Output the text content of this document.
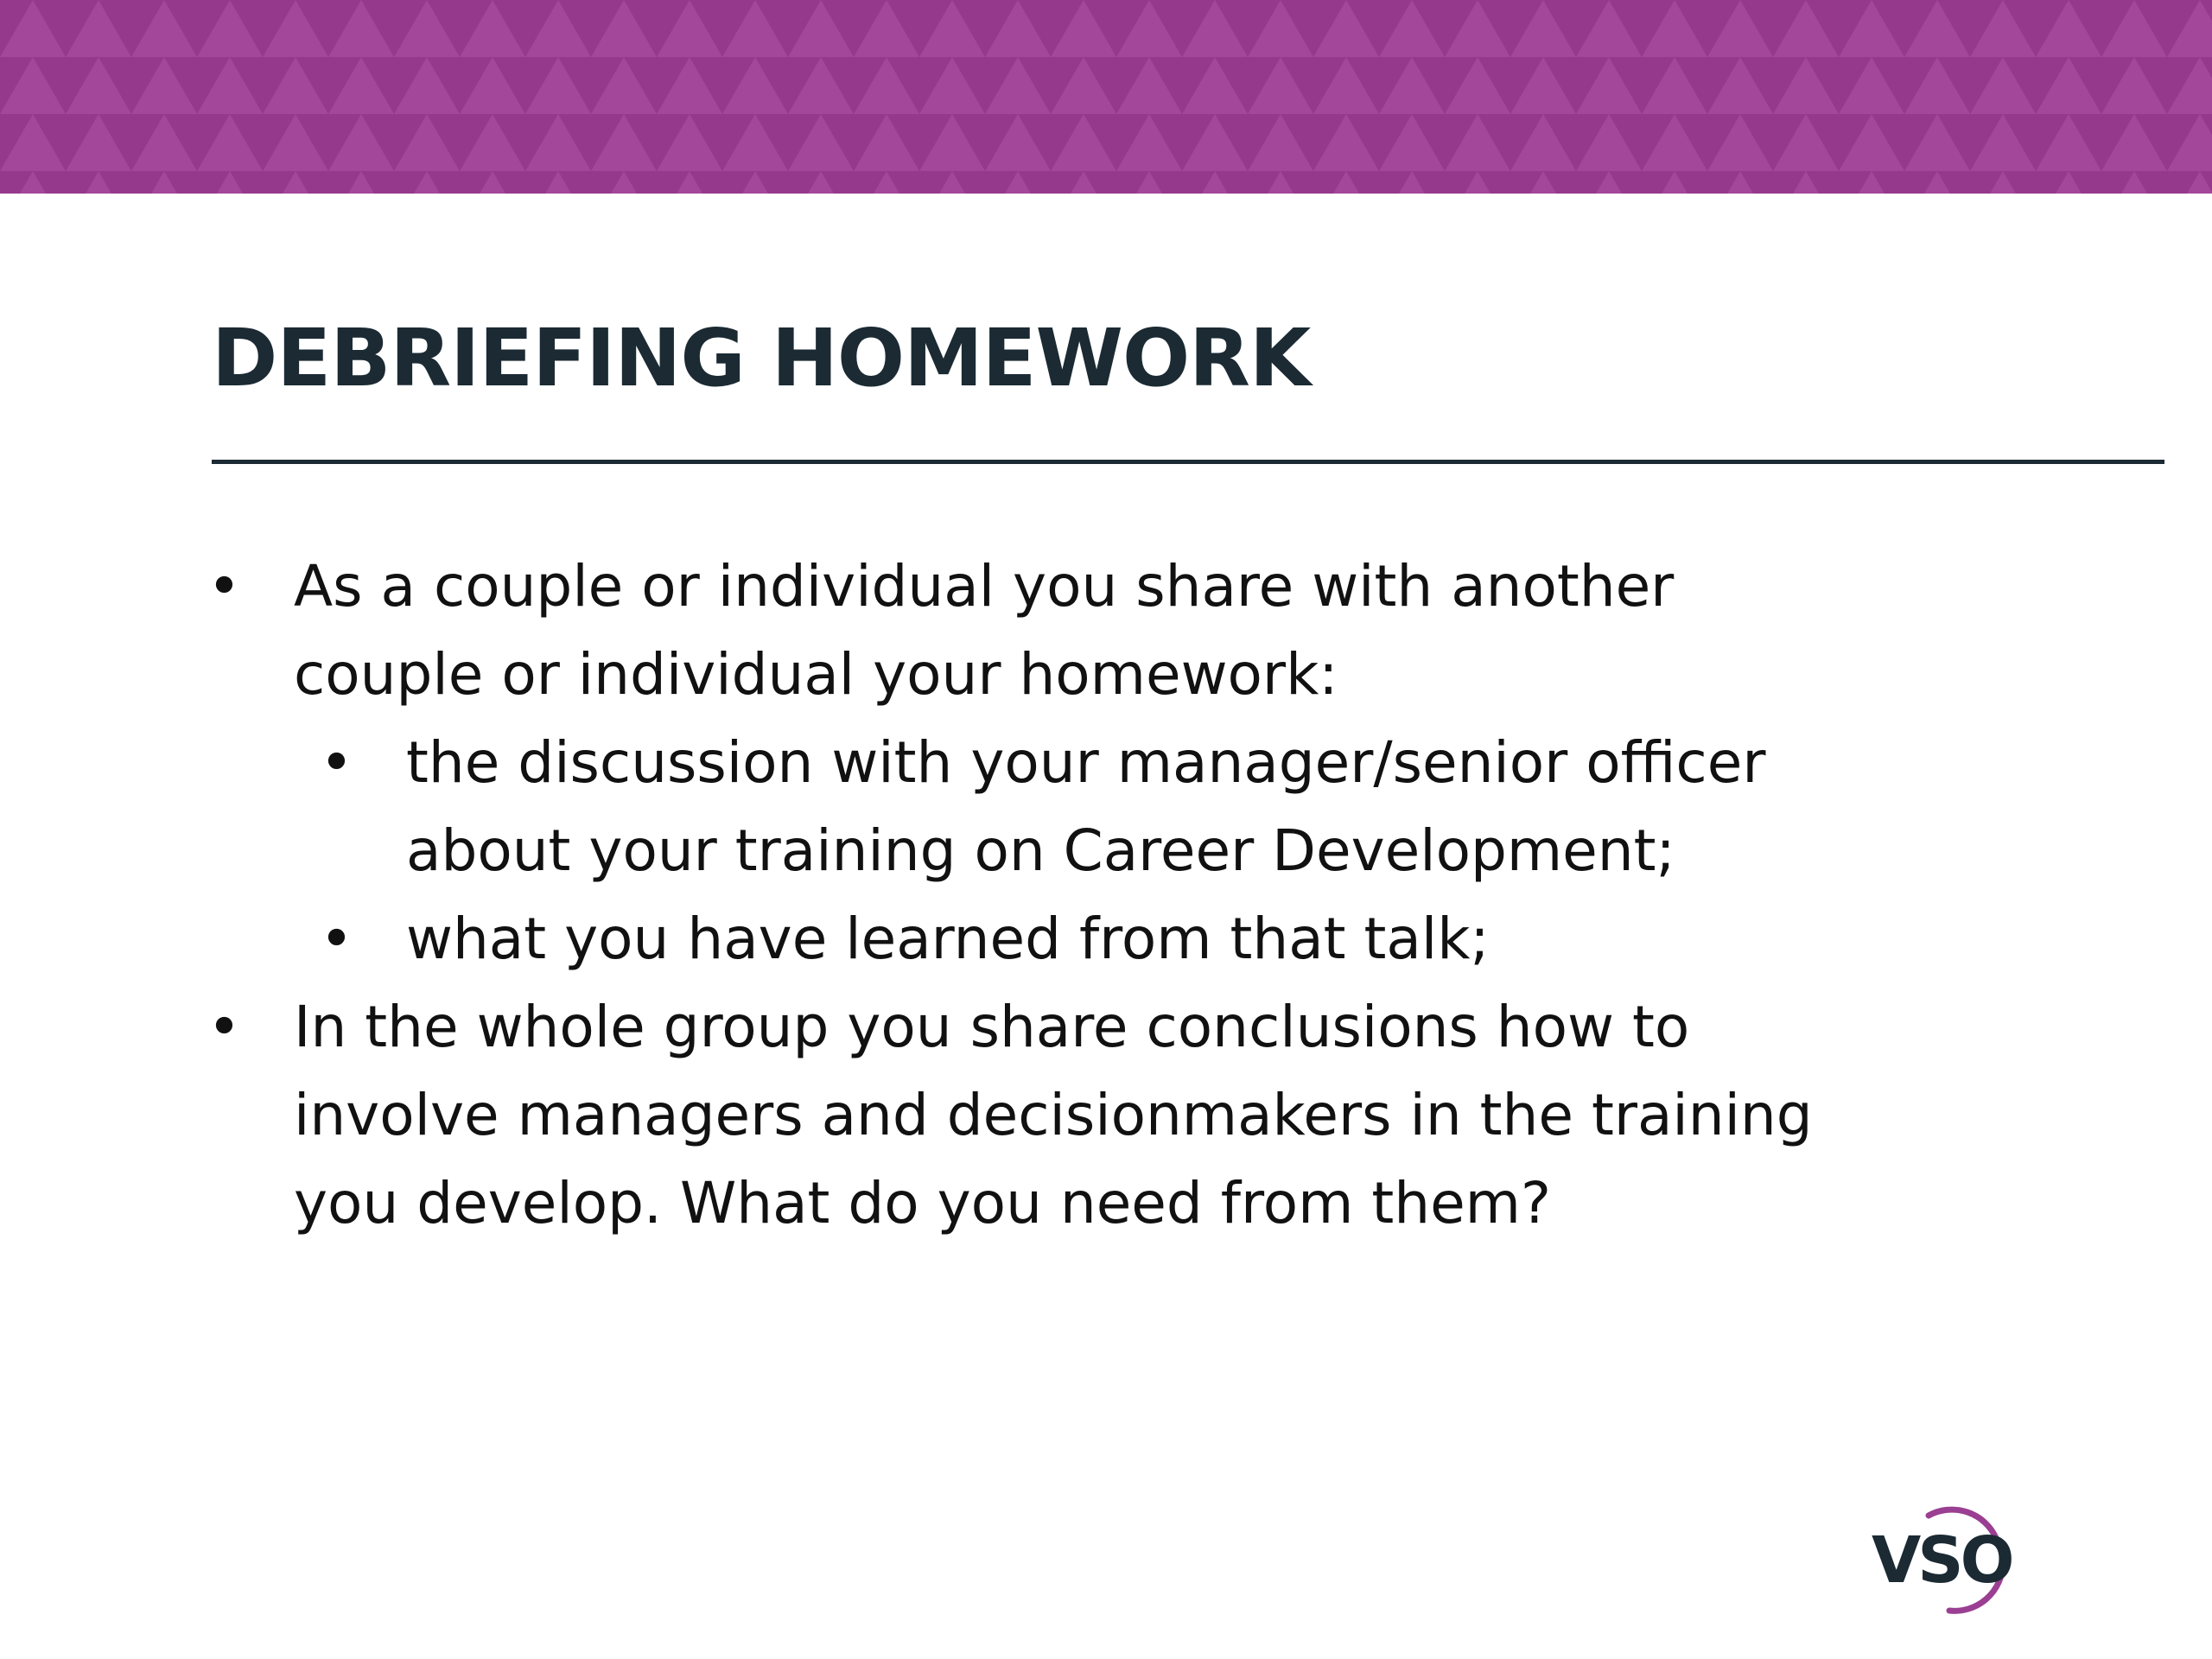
DEBRIEFING HOMEWORK
• As a couple or individual you share with another couple or individual your homework:
• the discussion with your manager/senior officer about your training on Career Development;
• what you have learned from that talk;
• In the whole group you share conclusions how to involve managers and decisionmakers in the training you develop. What do you need from them?
VSO
